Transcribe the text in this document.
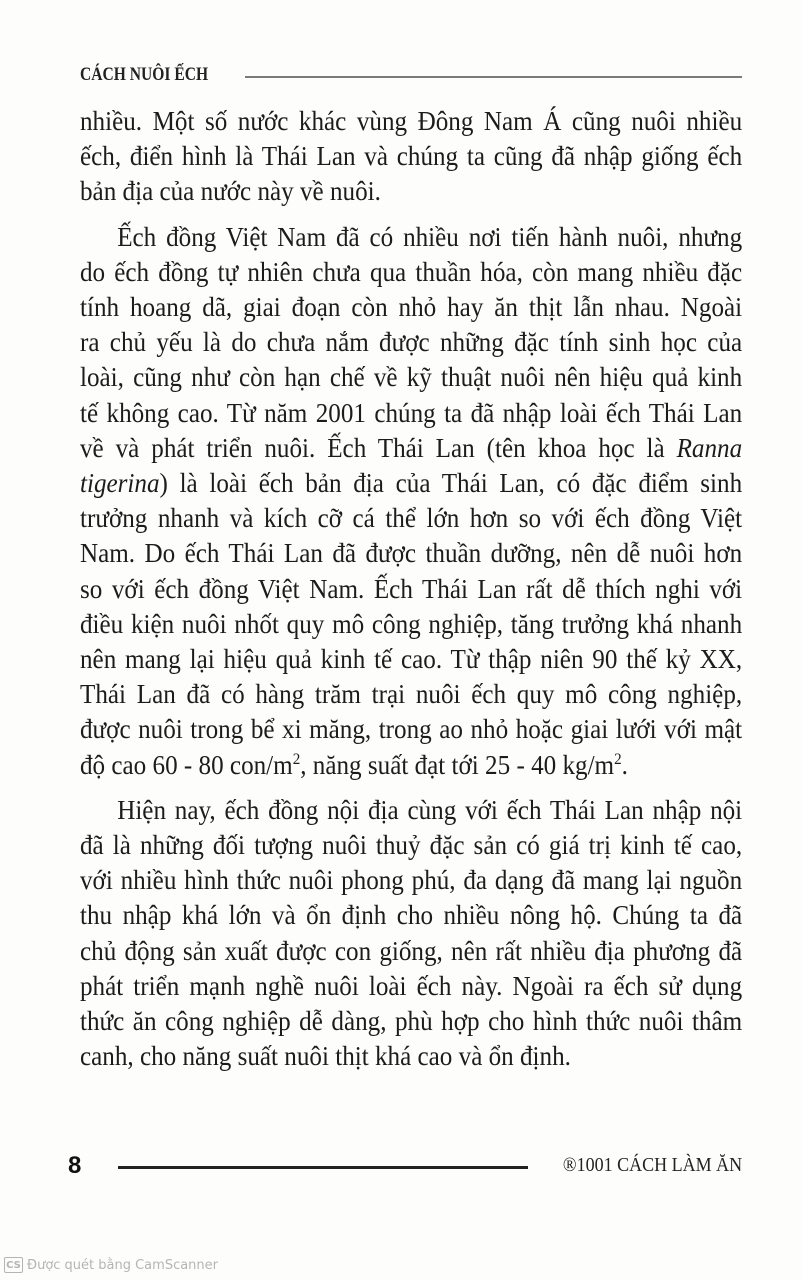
CÁCH NUÔI ẾCH

nhiều. Một số nước khác vùng Đông Nam Á cũng nuôi nhiều
ếch, điển hình là Thái Lan và chúng ta cũng đã nhập giống ếch
bản địa của nước này về nuôi.

Ếch đồng Việt Nam đã có nhiều nơi tiến hành nuôi, nhưng
do ếch đồng tự nhiên chưa qua thuần hóa, còn mang nhiều đặc
tính hoang dã, giai đoạn còn nhỏ hay ăn thịt lẫn nhau. Ngoài
ra chủ yếu là do chưa nắm được những đặc tính sinh học của
loài, cũng như còn hạn chế về kỹ thuật nuôi nên hiệu quả kinh
tế không cao. Từ năm 2001 chúng ta đã nhập loài ếch Thái Lan
về và phát triển nuôi. Ếch Thái Lan (tên khoa học là Ranna
tigerina) là loài ếch bản địa của Thái Lan, có đặc điểm sinh
trưởng nhanh và kích cỡ cá thể lớn hơn so với ếch đồng Việt
Nam. Do ếch Thái Lan đã được thuần dưỡng, nên dễ nuôi hơn
so với ếch đồng Việt Nam. Ếch Thái Lan rất dễ thích nghi với
điều kiện nuôi nhốt quy mô công nghiệp, tăng trưởng khá nhanh
nên mang lại hiệu quả kinh tế cao. Từ thập niên 90 thế kỷ XX,
Thái Lan đã có hàng trăm trại nuôi ếch quy mô công nghiệp,
được nuôi trong bể xi măng, trong ao nhỏ hoặc giai lưới với mật
độ cao 60 - 80 con/$m^2$, năng suất đạt tới 25 - 40 $kg/m^2$.

Hiện nay, ếch đồng nội địa cùng với ếch Thái Lan nhập nội
đã là những đối tượng nuôi thuỷ đặc sản có giá trị kinh tế cao,
với nhiều hình thức nuôi phong phú, đa dạng đã mang lại nguồn
thu nhập khá lớn và ổn định cho nhiều nông hộ. Chúng ta đã
chủ động sản xuất được con giống, nên rất nhiều địa phương đã
phát triển mạnh nghề nuôi loài ếch này. Ngoài ra ếch sử dụng
thức ăn công nghiệp dễ dàng, phù hợp cho hình thức nuôi thâm
canh, cho năng suất nuôi thịt khá cao và ổn định.

8	®1001 CÁCH LÀM ĂN
CS Được quét bằng CamScanner
